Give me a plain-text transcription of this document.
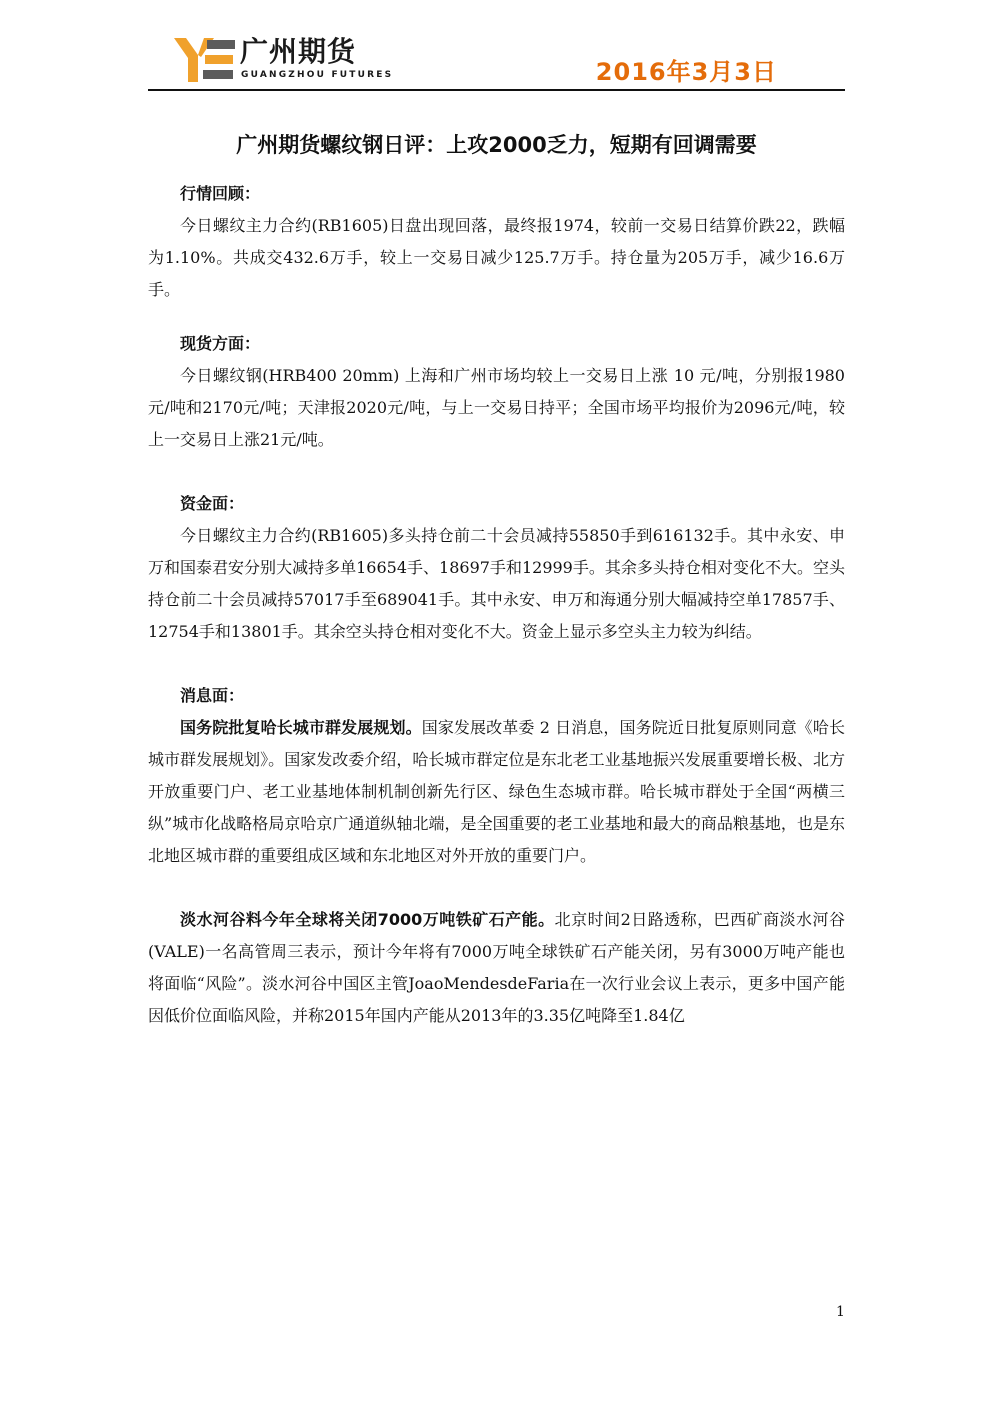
广州期货
GUANGZHOU FUTURES	2016年3月3日
广州期货螺纹钢日评：上攻2000乏力，短期有回调需要
行情回顾：

今日螺纹主力合约(RB1605)日盘出现回落，最终报1974，较前一交易日结算价跌22，跌幅为1.10%。共成交432.6万手，较上一交易日减少125.7万手。持仓量为205万手，减少16.6万手。

现货方面：

今日螺纹钢(HRB400 20mm) 上海和广州市场均较上一交易日上涨 10 元/吨，分别报1980元/吨和2170元/吨；天津报2020元/吨，与上一交易日持平；全国市场平均报价为2096元/吨，较上一交易日上涨21元/吨。

资金面：

今日螺纹主力合约(RB1605)多头持仓前二十会员减持55850手到616132手。其中永安、申万和国泰君安分别大减持多单16654手、18697手和12999手。其余多头持仓相对变化不大。空头持仓前二十会员减持57017手至689041手。其中永安、申万和海通分别大幅减持空单17857手、12754手和13801手。其余空头持仓相对变化不大。资金上显示多空头主力较为纠结。

消息面：

国务院批复哈长城市群发展规划。国家发展改革委 2 日消息，国务院近日批复原则同意《哈长城市群发展规划》。国家发改委介绍，哈长城市群定位是东北老工业基地振兴发展重要增长极、北方开放重要门户、老工业基地体制机制创新先行区、绿色生态城市群。哈长城市群处于全国“两横三纵”城市化战略格局京哈京广通道纵轴北端，是全国重要的老工业基地和最大的商品粮基地，也是东北地区城市群的重要组成区域和东北地区对外开放的重要门户。

淡水河谷料今年全球将关闭7000万吨铁矿石产能。北京时间2日路透称，巴西矿商淡水河谷(VALE)一名高管周三表示，预计今年将有7000万吨全球铁矿石产能关闭，另有3000万吨产能也将面临“风险”。淡水河谷中国区主管JoaoMendesdeFaria在一次行业会议上表示，更多中国产能因低价位面临风险，并称2015年国内产能从2013年的3.35亿吨降至1.84亿

1
